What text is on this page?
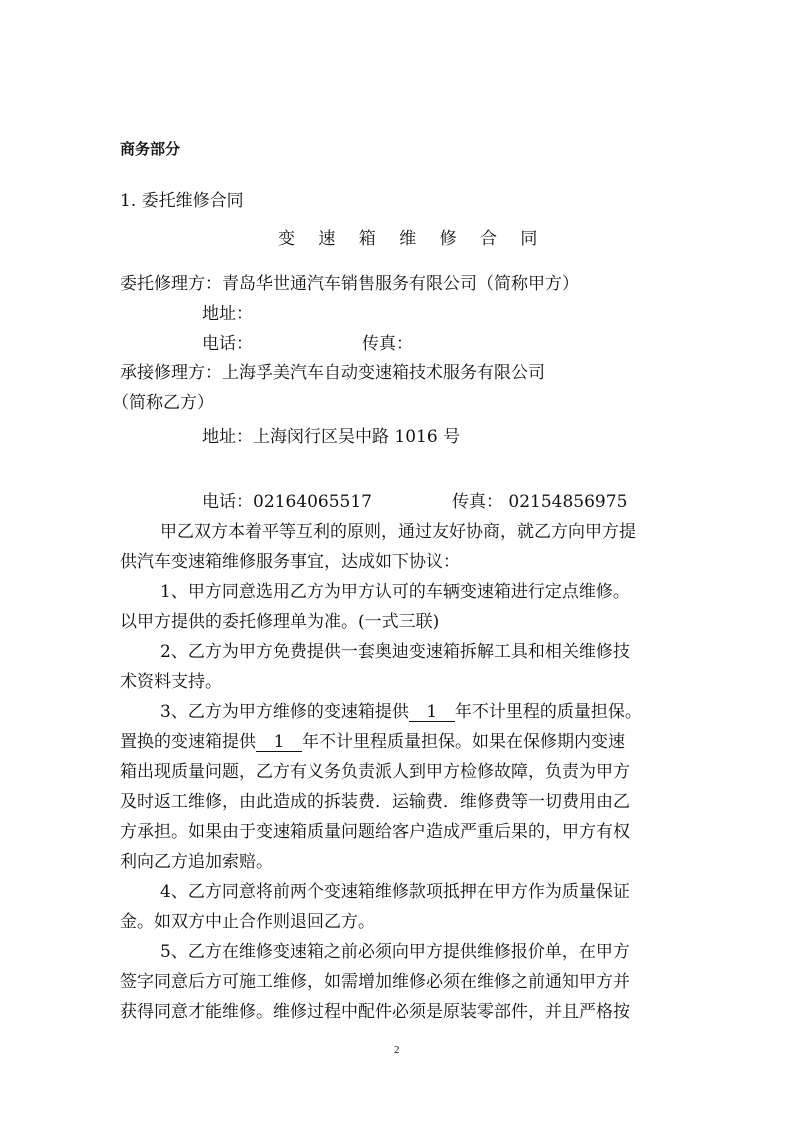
商务部分
1. 委托维修合同
变 速 箱 维 修 合 同
委托修理方：青岛华世通汽车销售服务有限公司（简称甲方）
地址：
电话：	传真：
承接修理方：上海孚美汽车自动变速箱技术服务有限公司
（简称乙方）
地址：上海闵行区吴中路 1016 号
电话：02164065517	传真： 02154856975
甲乙双方本着平等互利的原则，通过友好协商，就乙方向甲方提
供汽车变速箱维修服务事宜，达成如下协议：
1、甲方同意选用乙方为甲方认可的车辆变速箱进行定点维修。
以甲方提供的委托修理单为准。(一式三联)
2、乙方为甲方免费提供一套奥迪变速箱拆解工具和相关维修技
术资料支持。
3、乙方为甲方维修的变速箱提供 1 年不计里程的质量担保。
置换的变速箱提供 1 年不计里程质量担保。如果在保修期内变速
箱出现质量问题，乙方有义务负责派人到甲方检修故障，负责为甲方
及时返工维修，由此造成的拆装费．运输费．维修费等一切费用由乙
方承担。如果由于变速箱质量问题给客户造成严重后果的，甲方有权
利向乙方追加索赔。
4、乙方同意将前两个变速箱维修款项抵押在甲方作为质量保证
金。如双方中止合作则退回乙方。
5、乙方在维修变速箱之前必须向甲方提供维修报价单，在甲方
签字同意后方可施工维修，如需增加维修必须在维修之前通知甲方并
获得同意才能维修。维修过程中配件必须是原装零部件，并且严格按
2
